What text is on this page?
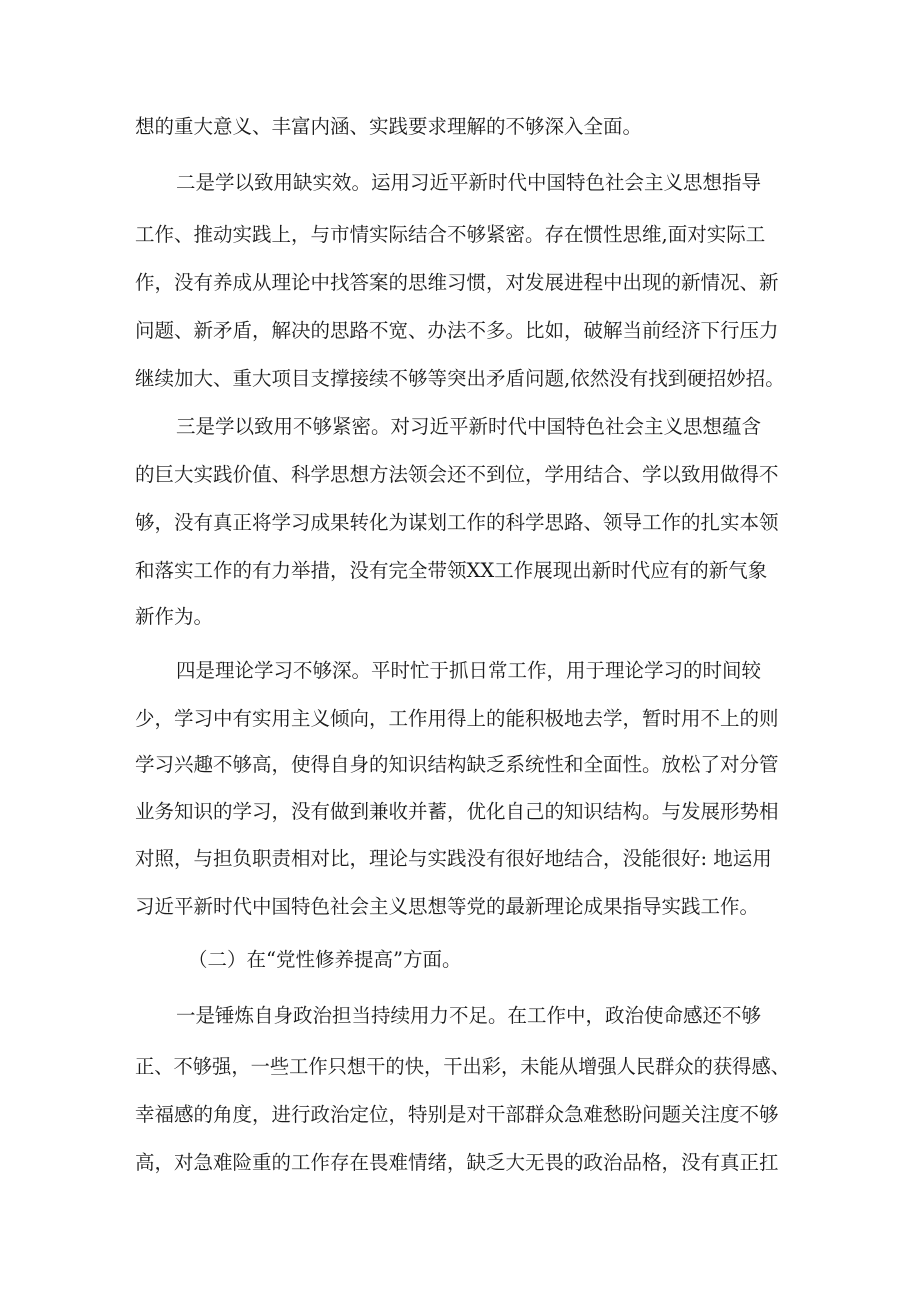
想的重大意义、丰富内涵、实践要求理解的不够深入全面。
二是学以致用缺实效。运用习近平新时代中国特色社会主义思想指导
工作、推动实践上，与市情实际结合不够紧密。存在惯性思维,面对实际工
作，没有养成从理论中找答案的思维习惯，对发展进程中出现的新情况、新
问题、新矛盾，解决的思路不宽、办法不多。比如，破解当前经济下行压力
继续加大、重大项目支撑接续不够等突出矛盾问题,依然没有找到硬招妙招。
三是学以致用不够紧密。对习近平新时代中国特色社会主义思想蕴含
的巨大实践价值、科学思想方法领会还不到位，学用结合、学以致用做得不
够，没有真正将学习成果转化为谋划工作的科学思路、领导工作的扎实本领
和落实工作的有力举措，没有完全带领XX工作展现出新时代应有的新气象
新作为。
四是理论学习不够深。平时忙于抓日常工作，用于理论学习的时间较
少，学习中有实用主义倾向，工作用得上的能积极地去学，暂时用不上的则
学习兴趣不够高，使得自身的知识结构缺乏系统性和全面性。放松了对分管
业务知识的学习，没有做到兼收并蓄，优化自己的知识结构。与发展形势相
对照，与担负职责相对比，理论与实践没有很好地结合，没能很好: 地运用
习近平新时代中国特色社会主义思想等党的最新理论成果指导实践工作。
（二）在“党性修养提高”方面。
一是锤炼自身政治担当持续用力不足。在工作中，政治使命感还不够
正、不够强，一些工作只想干的快，干出彩，未能从增强人民群众的获得感、
幸福感的角度，进行政治定位，特别是对干部群众急难愁盼问题关注度不够
高，对急难险重的工作存在畏难情绪，缺乏大无畏的政治品格，没有真正扛
